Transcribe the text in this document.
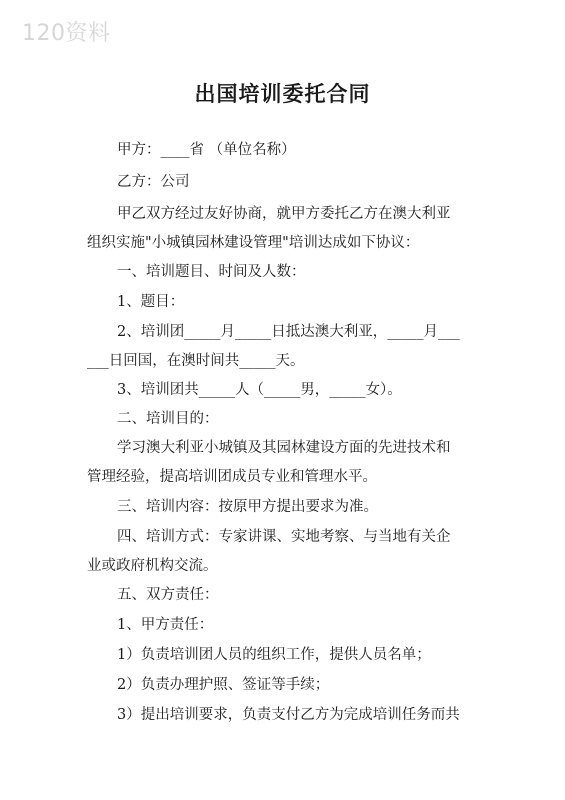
120资料
出国培训委托合同
甲方：____省 （单位名称）
乙方：公司
甲乙双方经过友好协商，就甲方委托乙方在澳大利亚
组织实施"小城镇园林建设管理"培训达成如下协议：
一、培训题目、时间及人数：
1、题目：
2、培训团_____月_____日抵达澳大利亚，_____月___
___日回国，在澳时间共_____天。
3、培训团共_____人（_____男，_____女）。
二、培训目的：
学习澳大利亚小城镇及其园林建设方面的先进技术和
管理经验，提高培训团成员专业和管理水平。
三、培训内容：按原甲方提出要求为准。
四、培训方式：专家讲课、实地考察、与当地有关企
业或政府机构交流。
五、双方责任：
1、甲方责任：
1）负责培训团人员的组织工作，提供人员名单；
2）负责办理护照、签证等手续；
3）提出培训要求，负责支付乙方为完成培训任务而共
